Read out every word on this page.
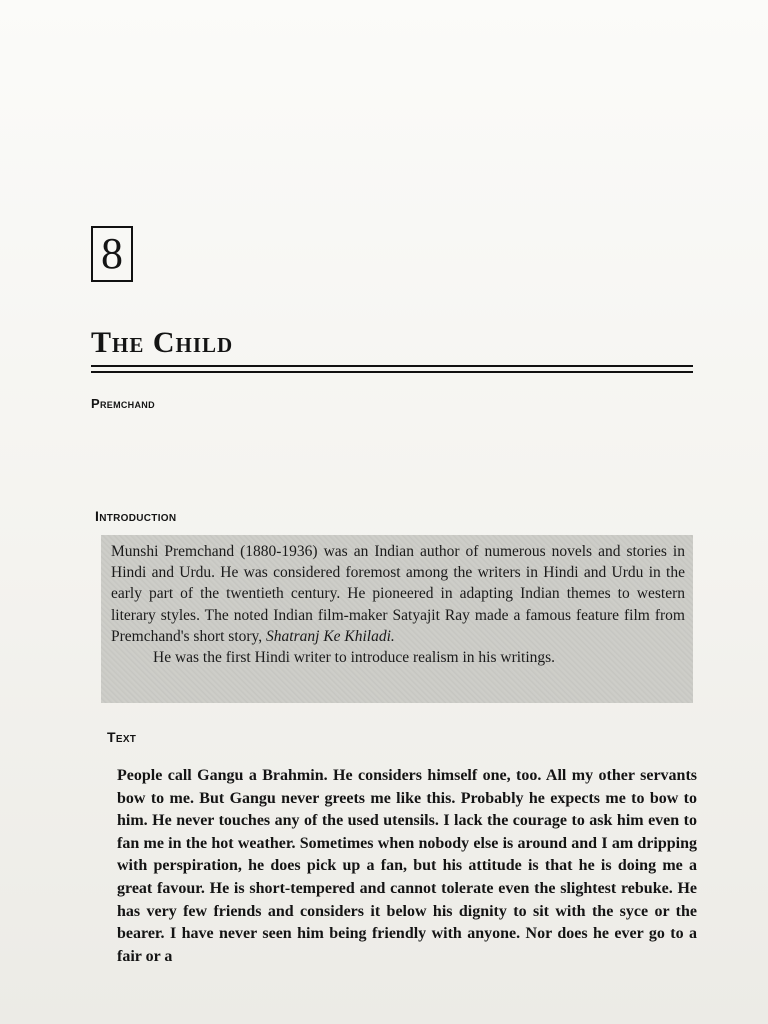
8
The Child
Premchand
Introduction

Munshi Premchand (1880-1936) was an Indian author of numerous novels and stories in Hindi and Urdu. He was considered foremost among the writers in Hindi and Urdu in the early part of the twentieth century. He pioneered in adapting Indian themes to western literary styles. The noted Indian film-maker Satyajit Ray made a famous feature film from Premchand's short story, Shatranj Ke Khiladi.

He was the first Hindi writer to introduce realism in his writings.

Text

People call Gangu a Brahmin. He considers himself one, too. All my other servants bow to me. But Gangu never greets me like this. Probably he expects me to bow to him. He never touches any of the used utensils. I lack the courage to ask him even to fan me in the hot weather. Sometimes when nobody else is around and I am dripping with perspiration, he does pick up a fan, but his attitude is that he is doing me a great favour. He is short-tempered and cannot tolerate even the slightest rebuke. He has very few friends and considers it below his dignity to sit with the syce or the bearer. I have never seen him being friendly with anyone. Nor does he ever go to a fair or a
